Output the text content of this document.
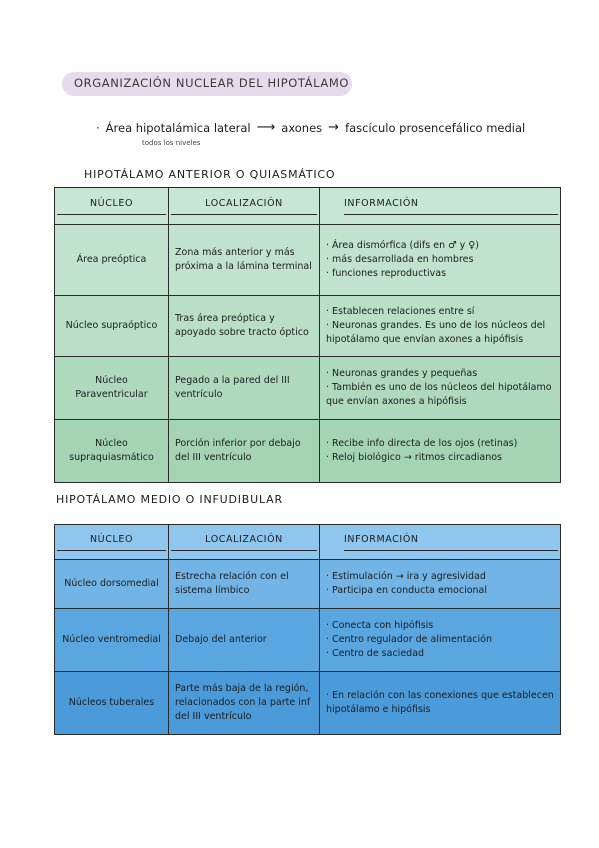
ORGANIZACIÓN NUCLEAR DEL HIPOTÁLAMO
· Área hipotalámica lateral ⟶ axones → fascículo prosencefálico medial
todos los niveles
HIPOTÁLAMO ANTERIOR O QUIASMÁTICO
NÚCLEO	LOCALIZACIÓN	INFORMACIÓN

Área preóptica	Zona más anterior y más próxima a la lámina terminal	· Área dismórfica (difs en ♂ y ♀)

· más desarrollada en hombres

· funciones reproductivas

Núcleo supraóptico	Tras área preóptica y apoyado sobre tracto óptico	· Establecen relaciones entre sí

· Neuronas grandes. Es uno de los núcleos del hipotálamo que envían axones a hipófisis

Núcleo Paraventricular	Pegado a la pared del III ventrículo	· Neuronas grandes y pequeñas

· También es uno de los núcleos del hipotálamo que envían axones a hipófisis

Núcleo supraquiasmático	Porción inferior por debajo del III ventrículo	· Recibe info directa de los ojos (retinas)

· Reloj biológico → ritmos circadianos

HIPOTÁLAMO MEDIO O INFUDIBULAR
NÚCLEO	LOCALIZACIÓN	INFORMACIÓN

Núcleo dorsomedial	Estrecha relación con el sistema límbico	· Estimulación → ira y agresividad

· Participa en conducta emocional

Núcleo ventromedial	Debajo del anterior	· Conecta con hipófisis

· Centro regulador de alimentación

· Centro de saciedad

Núcleos tuberales	Parte más baja de la región, relacionados con la parte inf del III ventrículo	· En relación con las conexiones que establecen hipotálamo e hipófisis
